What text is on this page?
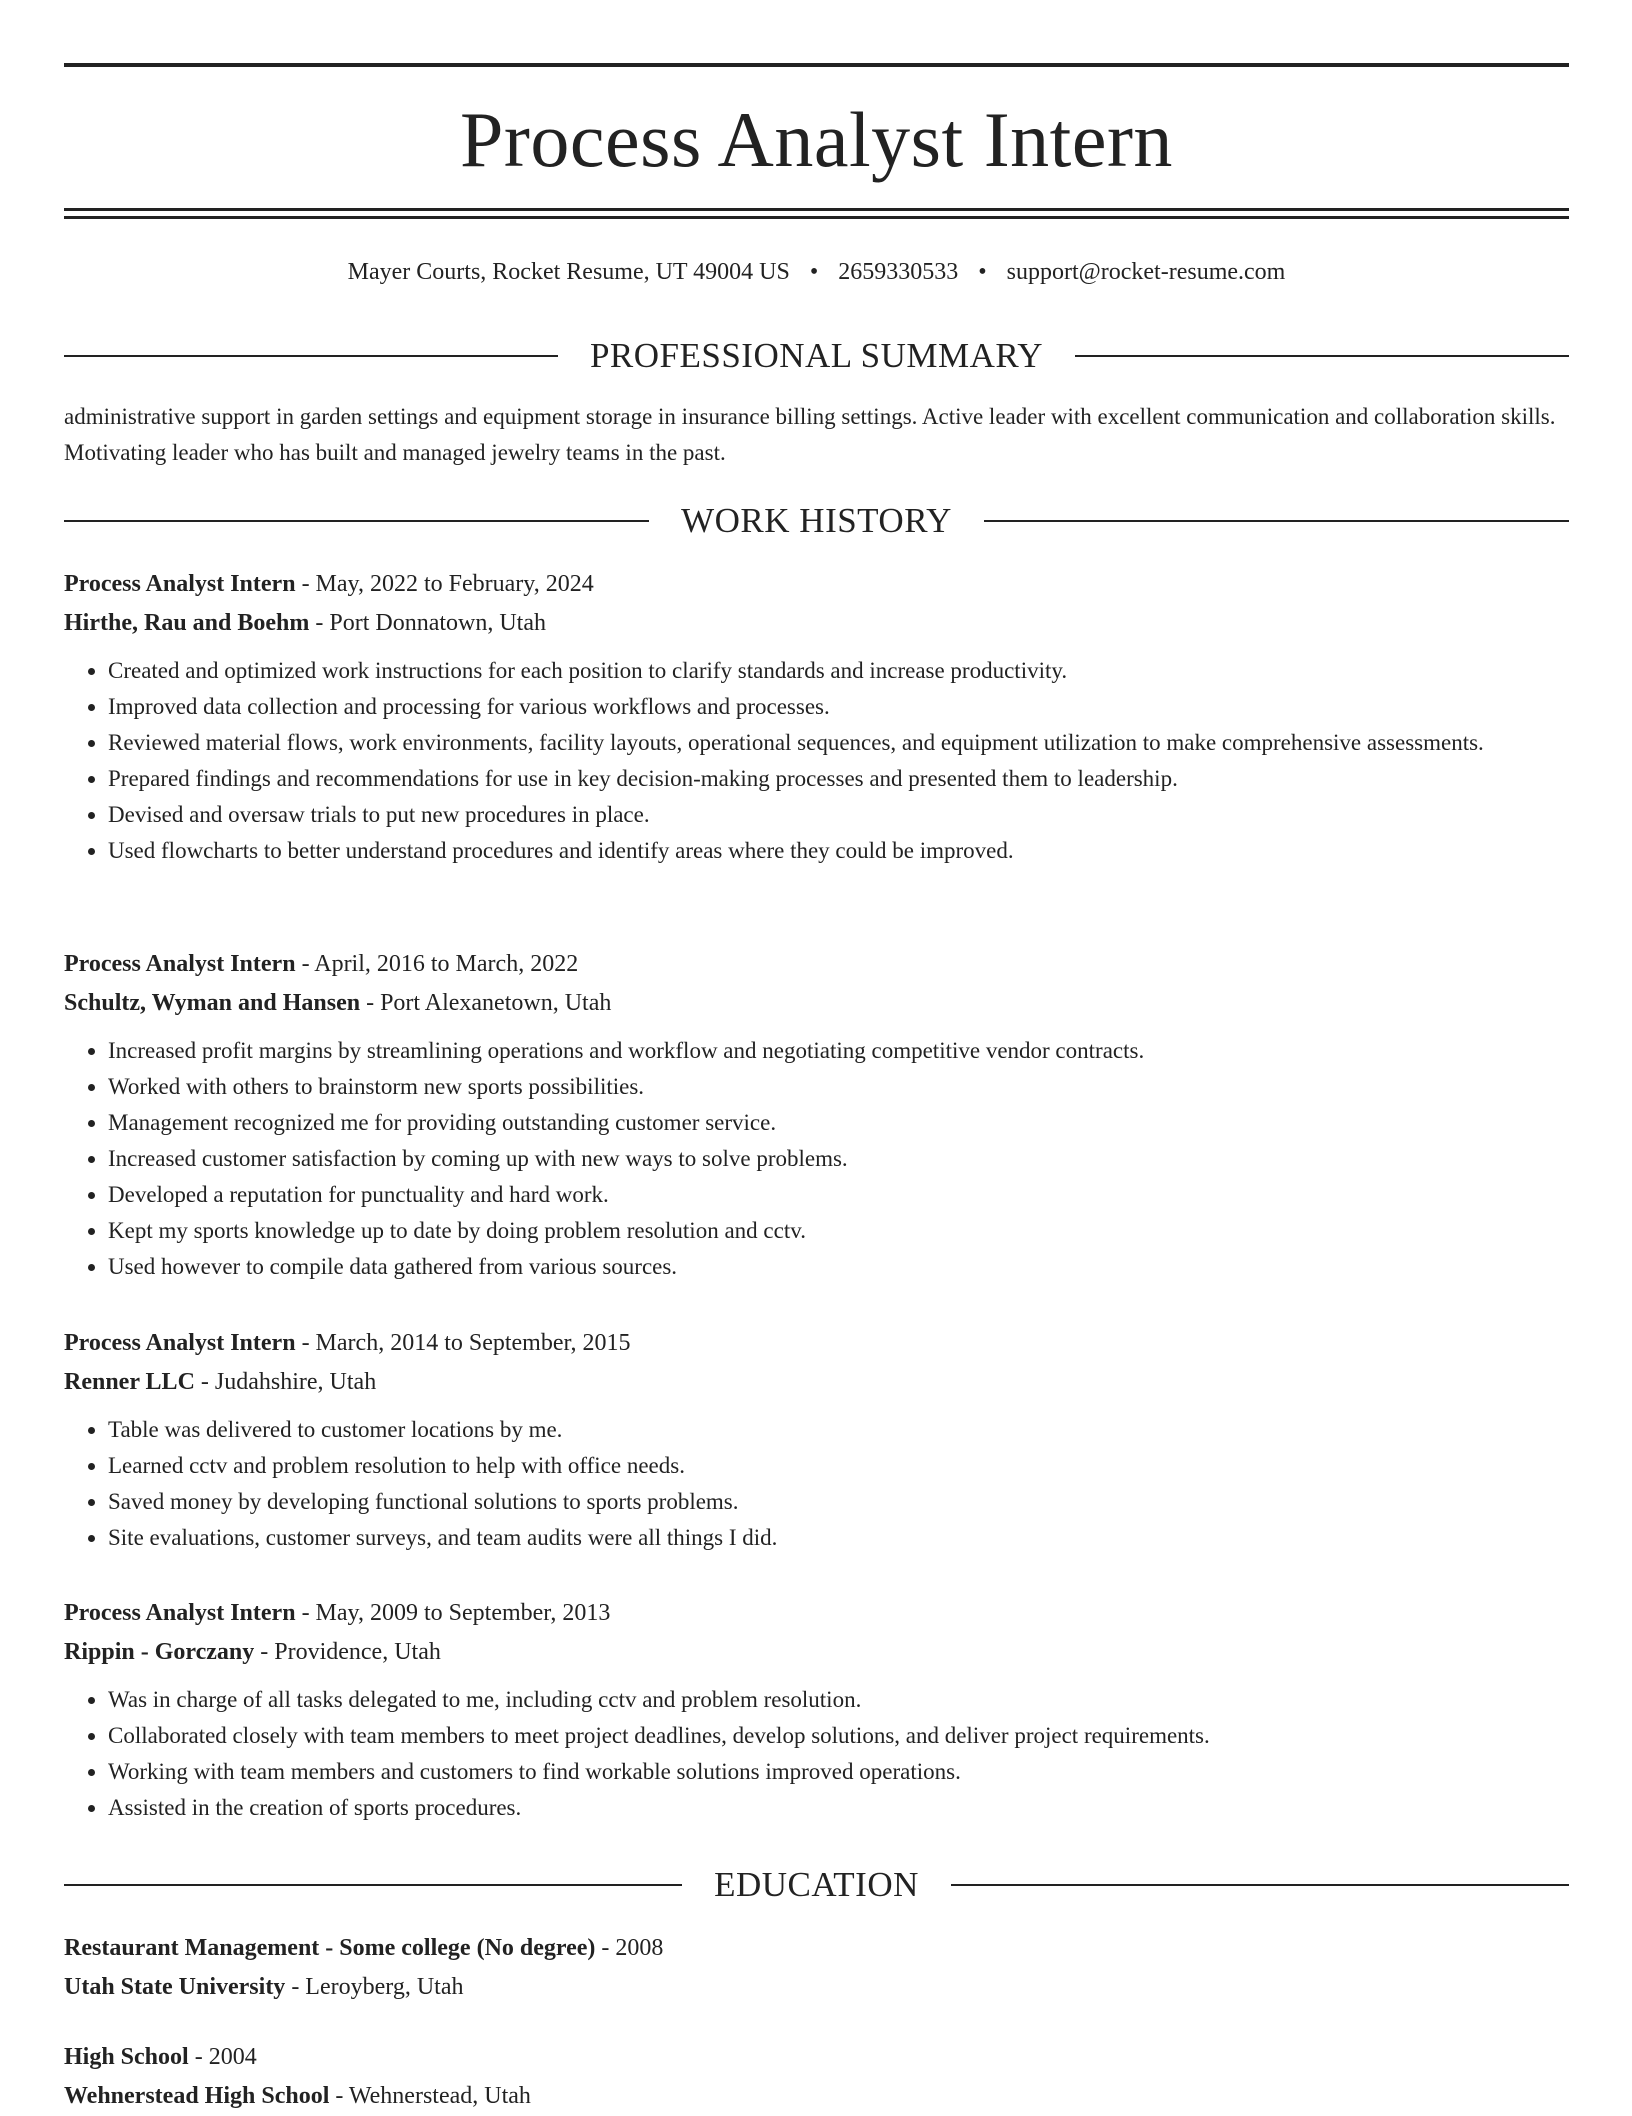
Process Analyst Intern
Mayer Courts, Rocket Resume, UT 49004 US • 2659330533 • support@rocket-resume.com
PROFESSIONAL SUMMARY

administrative support in garden settings and equipment storage in insurance billing settings. Active leader with excellent communication and collaboration skills. Motivating leader who has built and managed jewelry teams in the past.

WORK HISTORY
Process Analyst Intern - May, 2022 to February, 2024
Hirthe, Rau and Boehm - Port Donnatown, Utah
• Created and optimized work instructions for each position to clarify standards and increase productivity.
• Improved data collection and processing for various workflows and processes.
• Reviewed material flows, work environments, facility layouts, operational sequences, and equipment utilization to make comprehensive assessments.
• Prepared findings and recommendations for use in key decision-making processes and presented them to leadership.
• Devised and oversaw trials to put new procedures in place.
• Used flowcharts to better understand procedures and identify areas where they could be improved.
Process Analyst Intern - April, 2016 to March, 2022
Schultz, Wyman and Hansen - Port Alexanetown, Utah
• Increased profit margins by streamlining operations and workflow and negotiating competitive vendor contracts.
• Worked with others to brainstorm new sports possibilities.
• Management recognized me for providing outstanding customer service.
• Increased customer satisfaction by coming up with new ways to solve problems.
• Developed a reputation for punctuality and hard work.
• Kept my sports knowledge up to date by doing problem resolution and cctv.
• Used however to compile data gathered from various sources.
Process Analyst Intern - March, 2014 to September, 2015
Renner LLC - Judahshire, Utah
• Table was delivered to customer locations by me.
• Learned cctv and problem resolution to help with office needs.
• Saved money by developing functional solutions to sports problems.
• Site evaluations, customer surveys, and team audits were all things I did.
Process Analyst Intern - May, 2009 to September, 2013
Rippin - Gorczany - Providence, Utah
• Was in charge of all tasks delegated to me, including cctv and problem resolution.
• Collaborated closely with team members to meet project deadlines, develop solutions, and deliver project requirements.
• Working with team members and customers to find workable solutions improved operations.
• Assisted in the creation of sports procedures.
EDUCATION
Restaurant Management - Some college (No degree) - 2008
Utah State University - Leroyberg, Utah
High School - 2004
Wehnerstead High School - Wehnerstead, Utah
